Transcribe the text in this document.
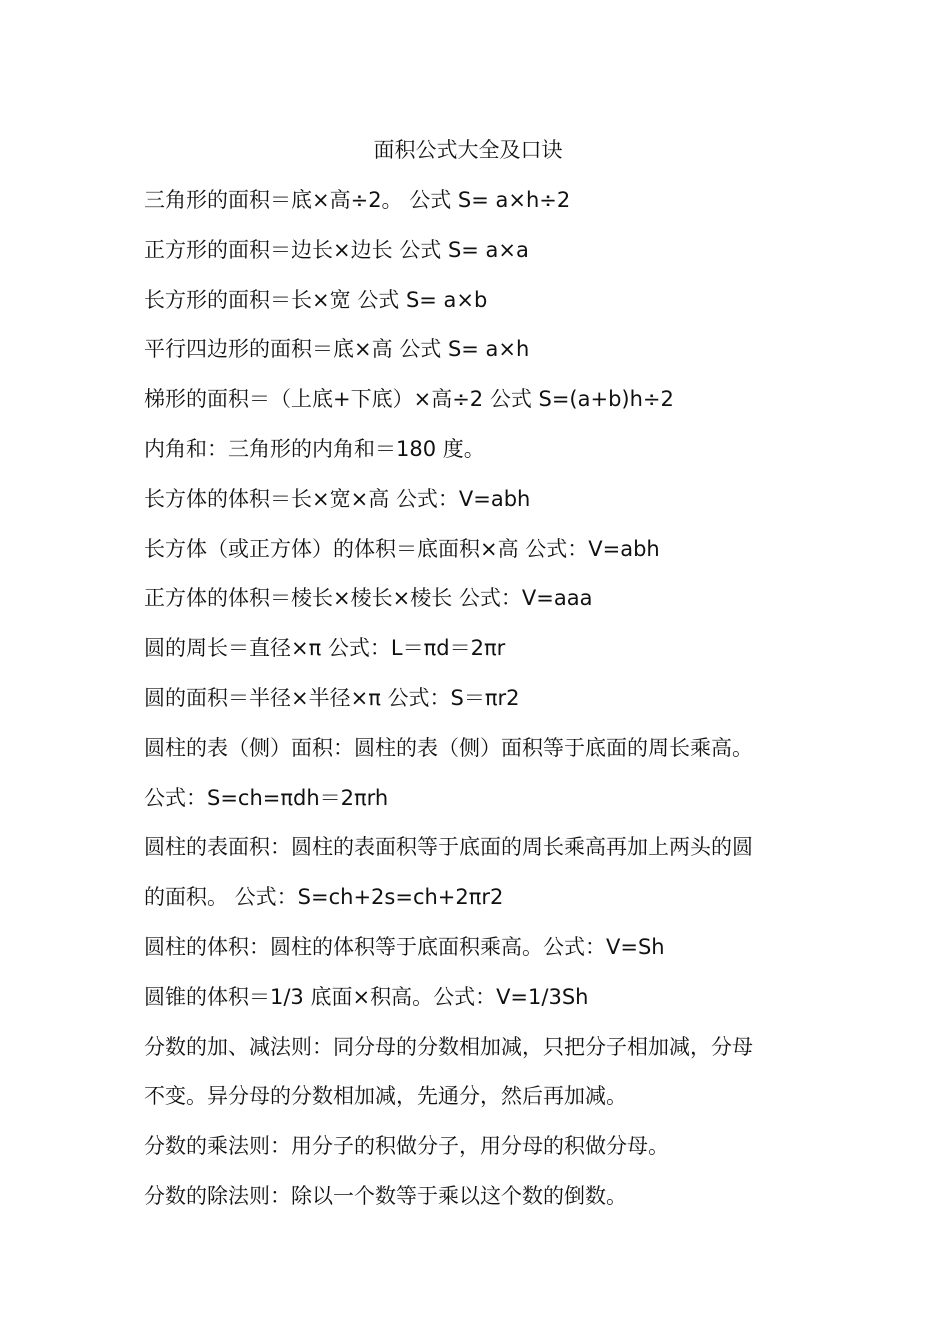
面积公式大全及口诀
三角形的面积＝底×高÷2。 公式 S= a×h÷2
正方形的面积＝边长×边长 公式 S= a×a
长方形的面积＝长×宽 公式 S= a×b
平行四边形的面积＝底×高 公式 S= a×h
梯形的面积＝（上底+下底）×高÷2 公式 S=(a+b)h÷2
内角和：三角形的内角和＝180 度。
长方体的体积＝长×宽×高 公式：V=abh
长方体（或正方体）的体积＝底面积×高 公式：V=abh
正方体的体积＝棱长×棱长×棱长 公式：V=aaa
圆的周长＝直径×π 公式：L＝πd＝2πr
圆的面积＝半径×半径×π 公式：S＝πr2
圆柱的表（侧）面积：圆柱的表（侧）面积等于底面的周长乘高。
公式：S=ch=πdh＝2πrh
圆柱的表面积：圆柱的表面积等于底面的周长乘高再加上两头的圆
的面积。 公式：S=ch+2s=ch+2πr2
圆柱的体积：圆柱的体积等于底面积乘高。公式：V=Sh
圆锥的体积＝1/3 底面×积高。公式：V=1/3Sh
分数的加、减法则：同分母的分数相加减，只把分子相加减，分母
不变。异分母的分数相加减，先通分，然后再加减。
分数的乘法则：用分子的积做分子，用分母的积做分母。
分数的除法则：除以一个数等于乘以这个数的倒数。
